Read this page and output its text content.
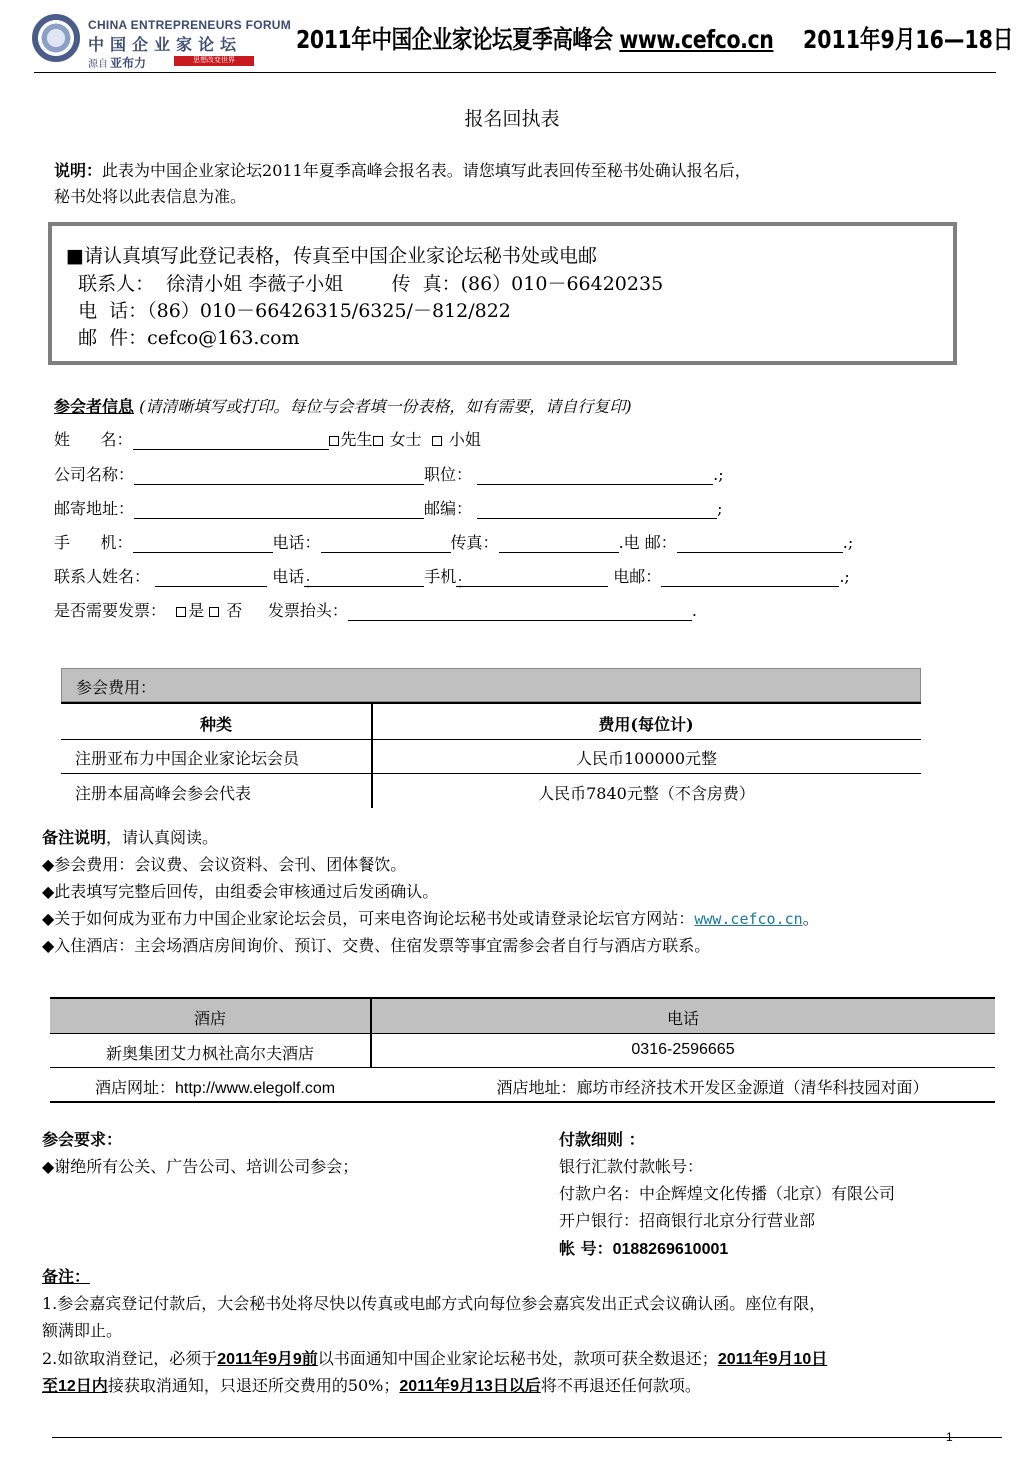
CHINA ENTREPRENEURS FORUM
中国企业家论坛
源自 亚布力	思想改变世界
2011年中国企业家论坛夏季高峰会 www.cefco.cn 2011年9月16—18日
报名回执表
说明：此表为中国企业家论坛2011年夏季高峰会报名表。请您填写此表回传至秘书处确认报名后，
秘书处将以此表信息为准。
■请认真填写此登记表格，传真至中国企业家论坛秘书处或电邮
联系人：  徐清小姐 李薇子小姐        传  真：(86）010－66420235
电  话：（86）010－66426315/6325/－812/822
邮  件：cefco@163.com
参会者信息 (请清晰填写或打印。每位与会者填一份表格，如有需要，请自行复印)
姓      名：	先生 女士   小姐
公司名称：	职位：	.;
邮寄地址：	邮编：	;
手      机：	电话：	传真：	.电 邮：	.;
联系人姓名：	电话：	手机：	电邮：	.;
是否需要发票：  是  否     发票抬头：	.
参会费用：
种类	费用(每位计)
注册亚布力中国企业家论坛会员	人民币100000元整
注册本届高峰会参会代表	人民币7840元整（不含房费）
备注说明，请认真阅读。
◆参会费用：会议费、会议资料、会刊、团体餐饮。
◆此表填写完整后回传，由组委会审核通过后发函确认。
◆关于如何成为亚布力中国企业家论坛会员，可来电咨询论坛秘书处或请登录论坛官方网站：www.cefco.cn。
◆入住酒店：主会场酒店房间询价、预订、交费、住宿发票等事宜需参会者自行与酒店方联系。
酒店	电话
新奥集团艾力枫社高尔夫酒店	0316-2596665
酒店网址：http://www.elegolf.com	酒店地址：廊坊市经济技术开发区金源道（清华科技园对面）
参会要求：
◆谢绝所有公关、广告公司、培训公司参会；
付款细则 ：
银行汇款付款帐号：
付款户名：中企辉煌文化传播（北京）有限公司
开户银行：招商银行北京分行营业部
帐 号：0188269610001
备注：
1.参会嘉宾登记付款后，大会秘书处将尽快以传真或电邮方式向每位参会嘉宾发出正式会议确认函。座位有限，
额满即止。
2.如欲取消登记，必须于2011年9月9前以书面通知中国企业家论坛秘书处，款项可获全数退还；2011年9月10日
至12日内接获取消通知，只退还所交费用的50%；2011年9月13日以后将不再退还任何款项。
1
